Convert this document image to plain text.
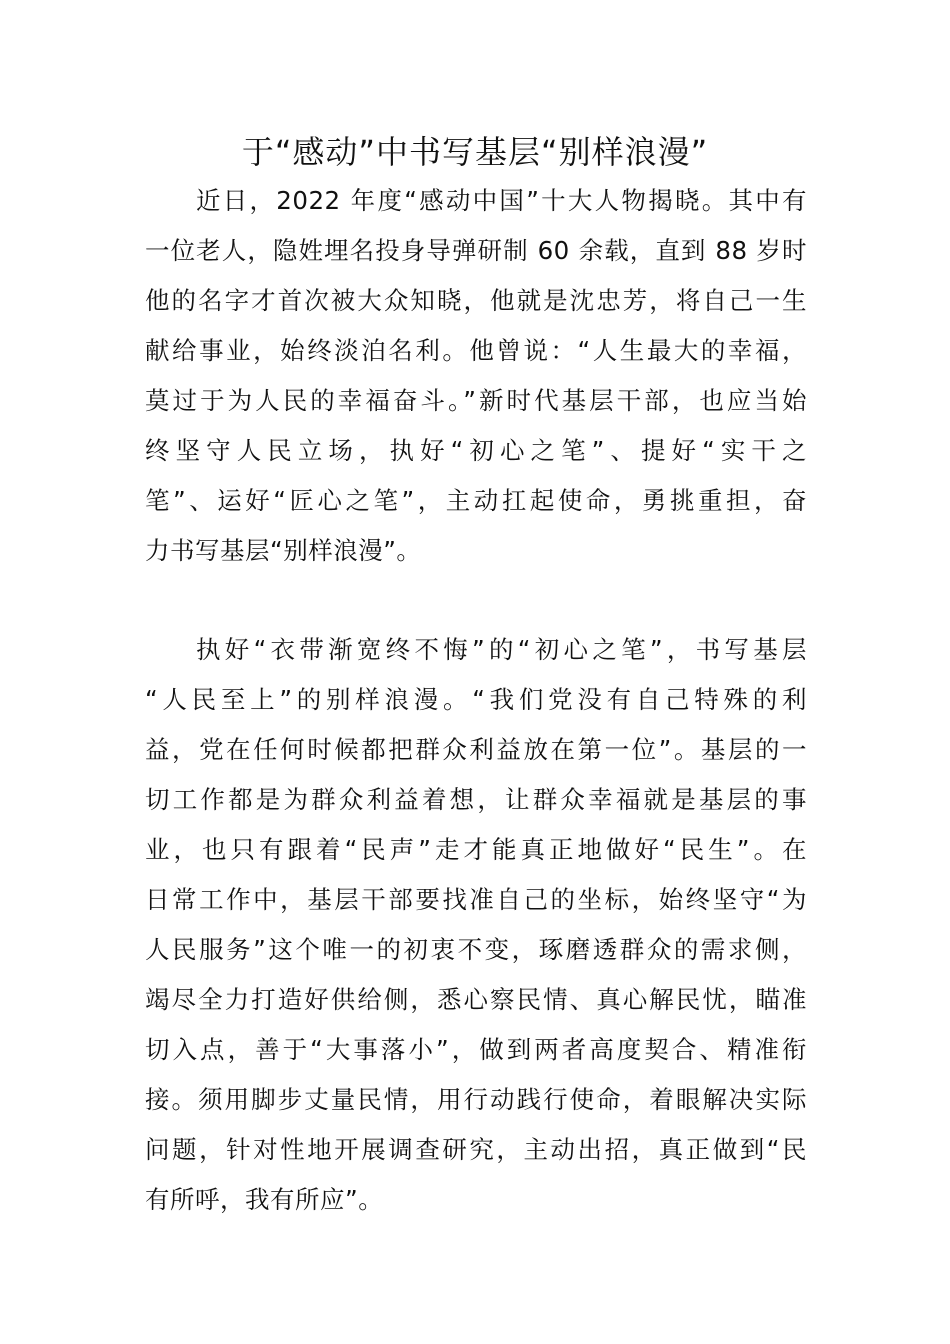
于“感动”中书写基层“别样浪漫”
近日，2022 年度“感动中国”十大人物揭晓。其中有
一位老人，隐姓埋名投身导弹研制 60 余载，直到 88 岁时
他的名字才首次被大众知晓，他就是沈忠芳，将自己一生
献给事业，始终淡泊名利。他曾说：“人生最大的幸福，
莫过于为人民的幸福奋斗。”新时代基层干部，也应当始
终坚守人民立场，执好“初心之笔”、提好“实干之
笔”、运好“匠心之笔”，主动扛起使命，勇挑重担，奋
力书写基层“别样浪漫”。
执好“衣带渐宽终不悔”的“初心之笔”，书写基层
“人民至上”的别样浪漫。“我们党没有自己特殊的利
益，党在任何时候都把群众利益放在第一位”。基层的一
切工作都是为群众利益着想，让群众幸福就是基层的事
业，也只有跟着“民声”走才能真正地做好“民生”。在
日常工作中，基层干部要找准自己的坐标，始终坚守“为
人民服务”这个唯一的初衷不变，琢磨透群众的需求侧，
竭尽全力打造好供给侧，悉心察民情、真心解民忧，瞄准
切入点，善于“大事落小”，做到两者高度契合、精准衔
接。须用脚步丈量民情，用行动践行使命，着眼解决实际
问题，针对性地开展调查研究，主动出招，真正做到“民
有所呼，我有所应”。
